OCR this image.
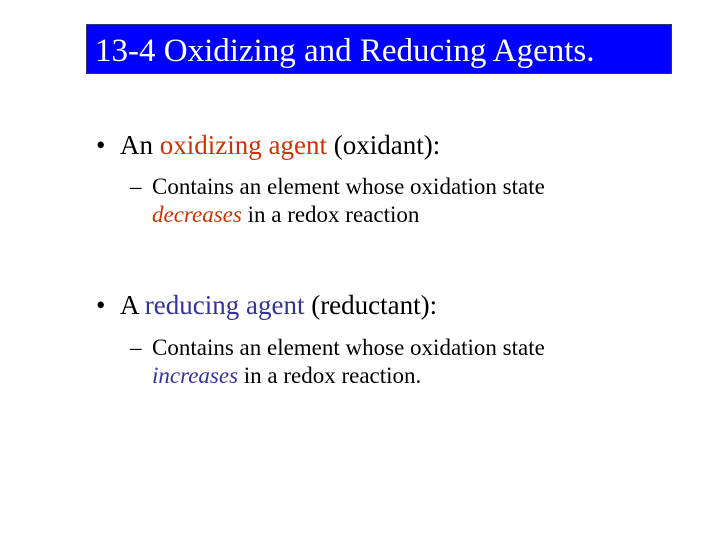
13-4 Oxidizing and Reducing Agents.
• An oxidizing agent (oxidant):
– Contains an element whose oxidation state
decreases in a redox reaction
• A reducing agent (reductant):
– Contains an element whose oxidation state
increases in a redox reaction.
